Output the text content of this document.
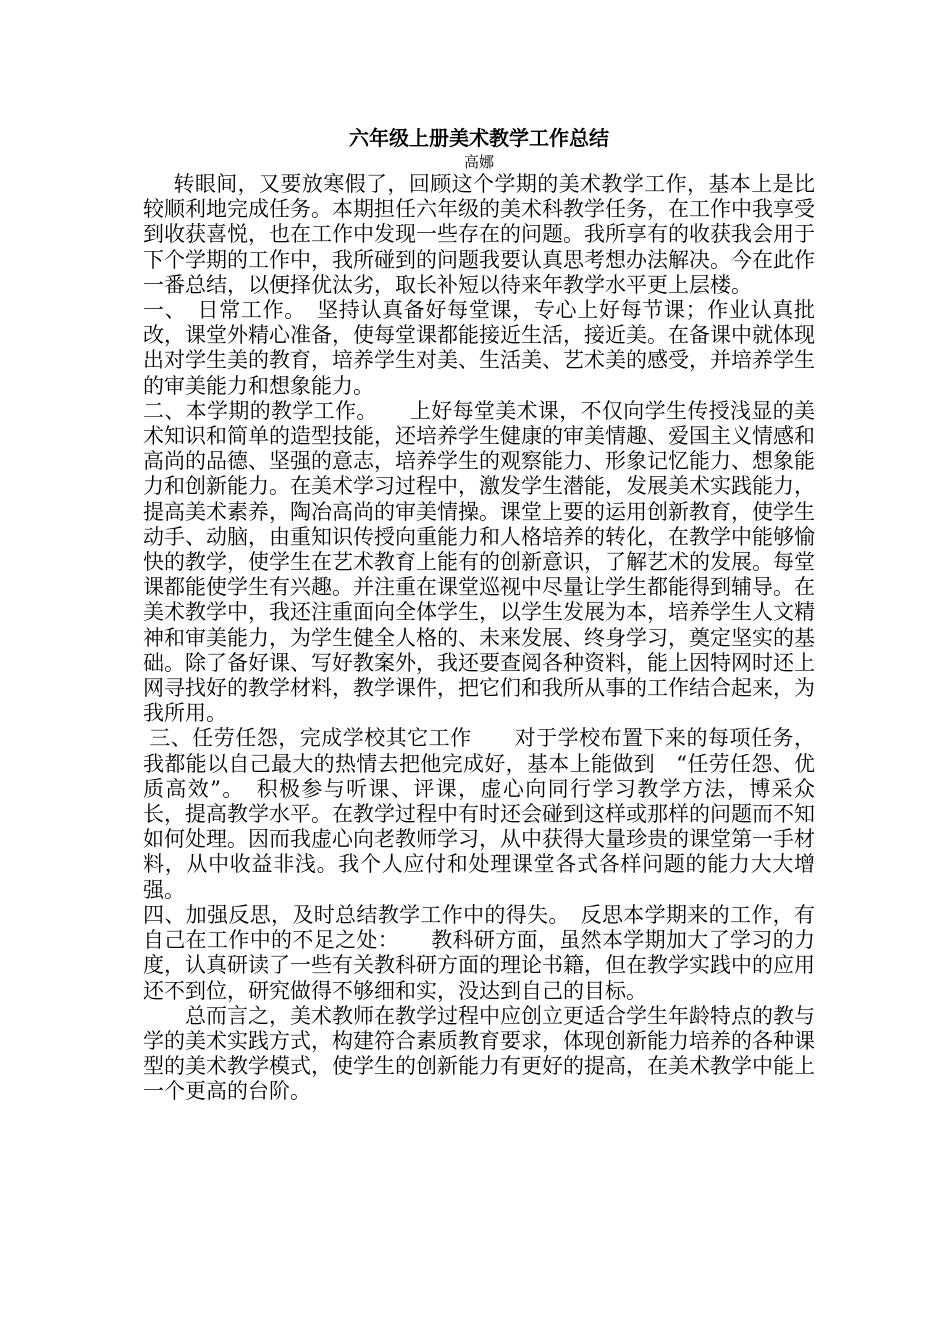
六年级上册美术教学工作总结

高娜

转眼间，又要放寒假了，回顾这个学期的美术教学工作，基本上是比较顺利地完成任务。本期担任六年级的美术科教学任务，在工作中我享受到收获喜悦，也在工作中发现一些存在的问题。我所享有的收获我会用于下个学期的工作中，我所碰到的问题我要认真思考想办法解决。今在此作一番总结，以便择优汰劣，取长补短以待来年教学水平更上层楼。

一、　日常工作。　坚持认真备好每堂课，专心上好每节课；作业认真批改，课堂外精心准备，使每堂课都能接近生活，接近美。在备课中就体现出对学生美的教育，培养学生对美、生活美、艺术美的感受，并培养学生的审美能力和想象能力。

二、本学期的教学工作。　　上好每堂美术课，不仅向学生传授浅显的美术知识和简单的造型技能，还培养学生健康的审美情趣、爱国主义情感和高尚的品德、坚强的意志，培养学生的观察能力、形象记忆能力、想象能力和创新能力。在美术学习过程中，激发学生潜能，发展美术实践能力，提高美术素养，陶冶高尚的审美情操。课堂上要的运用创新教育，使学生动手、动脑，由重知识传授向重能力和人格培养的转化，在教学中能够愉快的教学，使学生在艺术教育上能有的创新意识，了解艺术的发展。每堂课都能使学生有兴趣。并注重在课堂巡视中尽量让学生都能得到辅导。在美术教学中，我还注重面向全体学生，以学生发展为本，培养学生人文精神和审美能力，为学生健全人格的、未来发展、终身学习，奠定坚实的基础。除了备好课、写好教案外，我还要查阅各种资料，能上因特网时还上网寻找好的教学材料，教学课件，把它们和我所从事的工作结合起来，为我所用。

三、任劳任怨，完成学校其它工作　　对于学校布置下来的每项任务，我都能以自己最大的热情去把他完成好，基本上能做到　“任劳任怨、优质高效”。　积极参与听课、评课，虚心向同行学习教学方法，博采众长，提高教学水平。在教学过程中有时还会碰到这样或那样的问题而不知如何处理。因而我虚心向老教师学习，从中获得大量珍贵的课堂第一手材料，从中收益非浅。我个人应付和处理课堂各式各样问题的能力大大增强。

四、加强反思，及时总结教学工作中的得失。　反思本学期来的工作，有自己在工作中的不足之处：　　教科研方面，虽然本学期加大了学习的力度，认真研读了一些有关教科研方面的理论书籍，但在教学实践中的应用还不到位，研究做得不够细和实，没达到自己的目标。

总而言之，美术教师在教学过程中应创立更适合学生年龄特点的教与学的美术实践方式，构建符合素质教育要求，体现创新能力培养的各种课型的美术教学模式，使学生的创新能力有更好的提高，在美术教学中能上一个更高的台阶。
